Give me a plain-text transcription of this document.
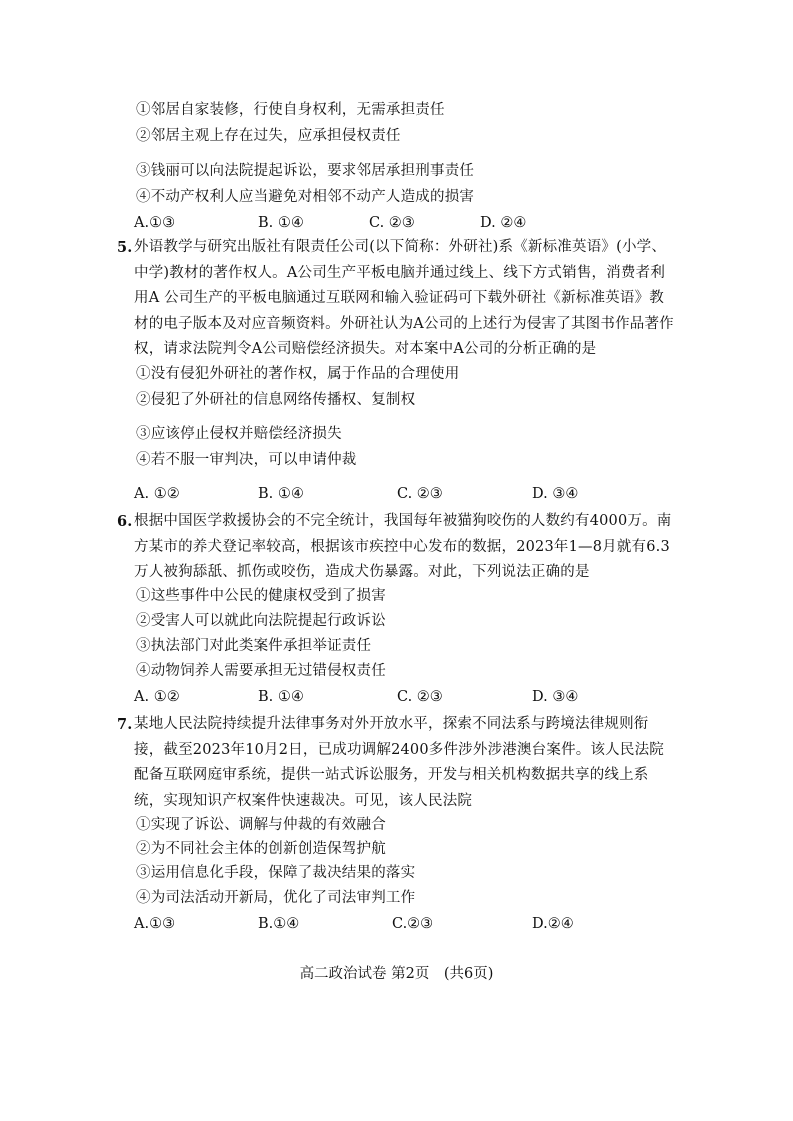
①邻居自家装修，行使自身权利，无需承担责任
②邻居主观上存在过失，应承担侵权责任
③钱丽可以向法院提起诉讼，要求邻居承担刑事责任
④不动产权利人应当避免对相邻不动产人造成的损害
A.①③	B. ①④	C. ②③	D. ②④
5. 外语教学与研究出版社有限责任公司(以下简称：外研社)系《新标准英语》(小学、中学)教材的著作权人。A公司生产平板电脑并通过线上、线下方式销售，消费者利用A 公司生产的平板电脑通过互联网和输入验证码可下载外研社《新标准英语》教材的电子版本及对应音频资料。外研社认为A公司的上述行为侵害了其图书作品著作权，请求法院判令A公司赔偿经济损失。对本案中A公司的分析正确的是
①没有侵犯外研社的著作权，属于作品的合理使用
②侵犯了外研社的信息网络传播权、复制权
③应该停止侵权并赔偿经济损失
④若不服一审判决，可以申请仲裁
A. ①②	B. ①④	C. ②③	D. ③④
6. 根据中国医学救援协会的不完全统计，我国每年被猫狗咬伤的人数约有4000万。南方某市的养犬登记率较高，根据该市疾控中心发布的数据，2023年1—8月就有6.3万人被狗舔舐、抓伤或咬伤，造成犬伤暴露。对此，下列说法正确的是
①这些事件中公民的健康权受到了损害
②受害人可以就此向法院提起行政诉讼
③执法部门对此类案件承担举证责任
④动物饲养人需要承担无过错侵权责任
A. ①②	B. ①④	C. ②③	D. ③④
7. 某地人民法院持续提升法律事务对外开放水平，探索不同法系与跨境法律规则衔接，截至2023年10月2日，已成功调解2400多件涉外涉港澳台案件。该人民法院配备互联网庭审系统，提供一站式诉讼服务，开发与相关机构数据共享的线上系统，实现知识产权案件快速裁决。可见，该人民法院
①实现了诉讼、调解与仲裁的有效融合
②为不同社会主体的创新创造保驾护航
③运用信息化手段，保障了裁决结果的落实
④为司法活动开新局，优化了司法审判工作
A.①③	B.①④	C.②③	D.②④
高二政治试卷 第2页　(共6页)
